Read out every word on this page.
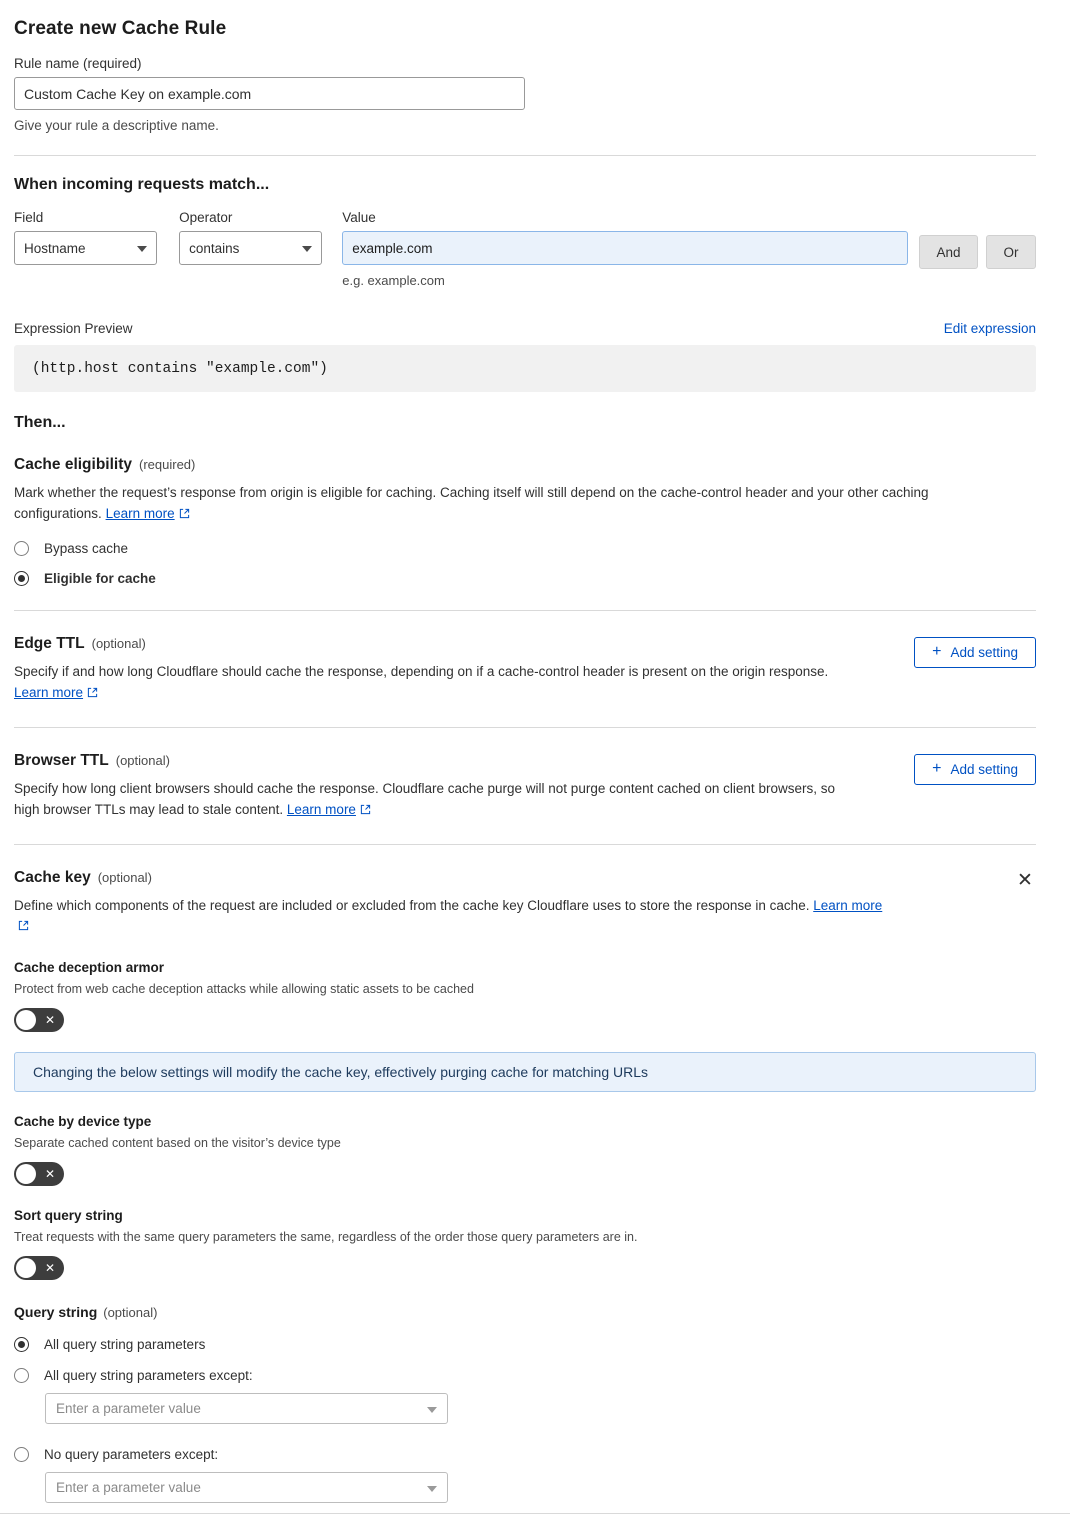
Create new Cache Rule
Rule name (required)
Custom Cache Key on example.com
Give your rule a descriptive name.
When incoming requests match...
Field
Hostname
Operator
contains
Value
example.com
e.g. example.com
And	Or
Expression Preview	Edit expression
(http.host contains "example.com")
Then...
Cache eligibility (required)
Mark whether the request’s response from origin is eligible for caching. Caching itself will still depend on the cache-control header and your other caching configurations. Learn more
Bypass cache
Eligible for cache
Edge TTL (optional)
Specify if and how long Cloudflare should cache the response, depending on if a cache-control header is present on the origin response. Learn more
+ Add setting
Browser TTL (optional)
Specify how long client browsers should cache the response. Cloudflare cache purge will not purge content cached on client browsers, so high browser TTLs may lead to stale content. Learn more
+ Add setting
Cache key (optional)
Define which components of the request are included or excluded from the cache key Cloudflare uses to store the response in cache. Learn more
✕
Cache deception armor
Protect from web cache deception attacks while allowing static assets to be cached
✕
Changing the below settings will modify the cache key, effectively purging cache for matching URLs
Cache by device type
Separate cached content based on the visitor’s device type
✕
Sort query string
Treat requests with the same query parameters the same, regardless of the order those query parameters are in.
✕
Query string (optional)
All query string parameters
All query string parameters except:
Enter a parameter value
No query parameters except:
Enter a parameter value
